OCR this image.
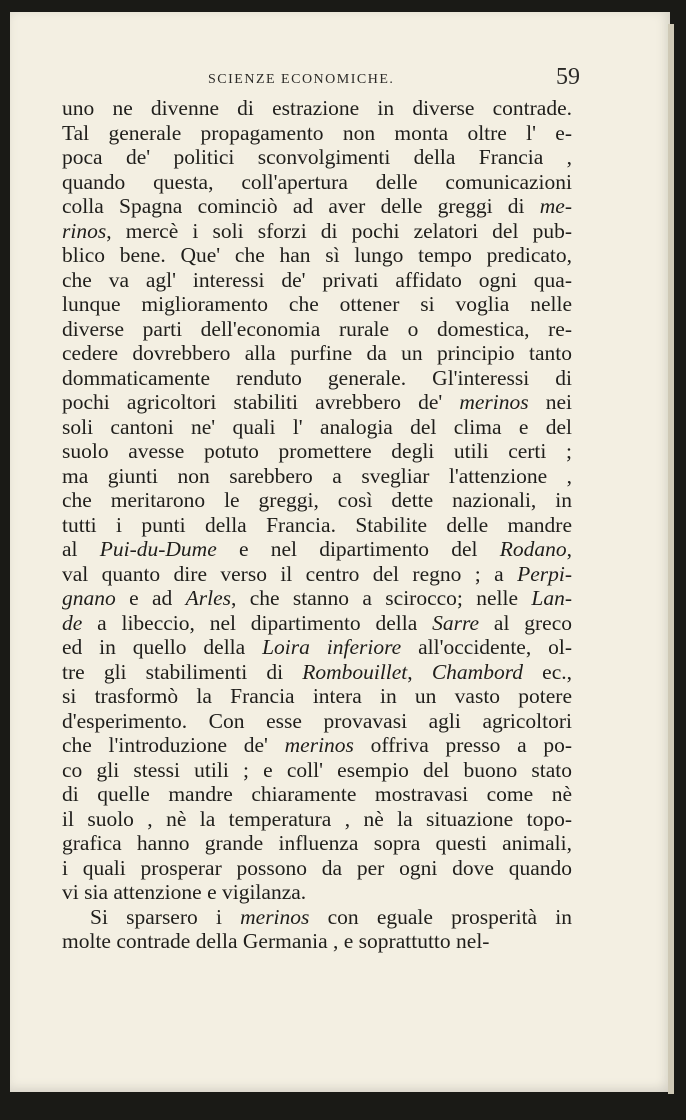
SCIENZE ECONOMICHE.	59
uno ne divenne di estrazione in diverse contrade.
Tal generale propagamento non monta oltre l' e-
poca de' politici sconvolgimenti della Francia ,
quando questa, coll'apertura delle comunicazioni
colla Spagna cominciò ad aver delle greggi di me-
rinos, mercè i soli sforzi di pochi zelatori del pub-
blico bene. Que' che han sì lungo tempo predicato,
che va agl' interessi de' privati affidato ogni qua-
lunque miglioramento che ottener si voglia nelle
diverse parti dell'economia rurale o domestica, re-
cedere dovrebbero alla purfine da un principio tanto
dommaticamente renduto generale. Gl'interessi di
pochi agricoltori stabiliti avrebbero de' merinos nei
soli cantoni ne' quali l' analogia del clima e del
suolo avesse potuto promettere degli utili certi ;
ma giunti non sarebbero a svegliar l'attenzione ,
che meritarono le greggi, così dette nazionali, in
tutti i punti della Francia. Stabilite delle mandre
al Pui-du-Dume e nel dipartimento del Rodano,
val quanto dire verso il centro del regno ; a Perpi-
gnano e ad Arles, che stanno a scirocco; nelle Lan-
de a libeccio, nel dipartimento della Sarre al greco
ed in quello della Loira inferiore all'occidente, ol-
tre gli stabilimenti di Rombouillet, Chambord ec.,
si trasformò la Francia intera in un vasto potere
d'esperimento. Con esse provavasi agli agricoltori
che l'introduzione de' merinos offriva presso a po-
co gli stessi utili ; e coll' esempio del buono stato
di quelle mandre chiaramente mostravasi come nè
il suolo , nè la temperatura , nè la situazione topo-
grafica hanno grande influenza sopra questi animali,
i quali prosperar possono da per ogni dove quando
vi sia attenzione e vigilanza.
Si sparsero i merinos con eguale prosperità in
molte contrade della Germania , e soprattutto nel-
